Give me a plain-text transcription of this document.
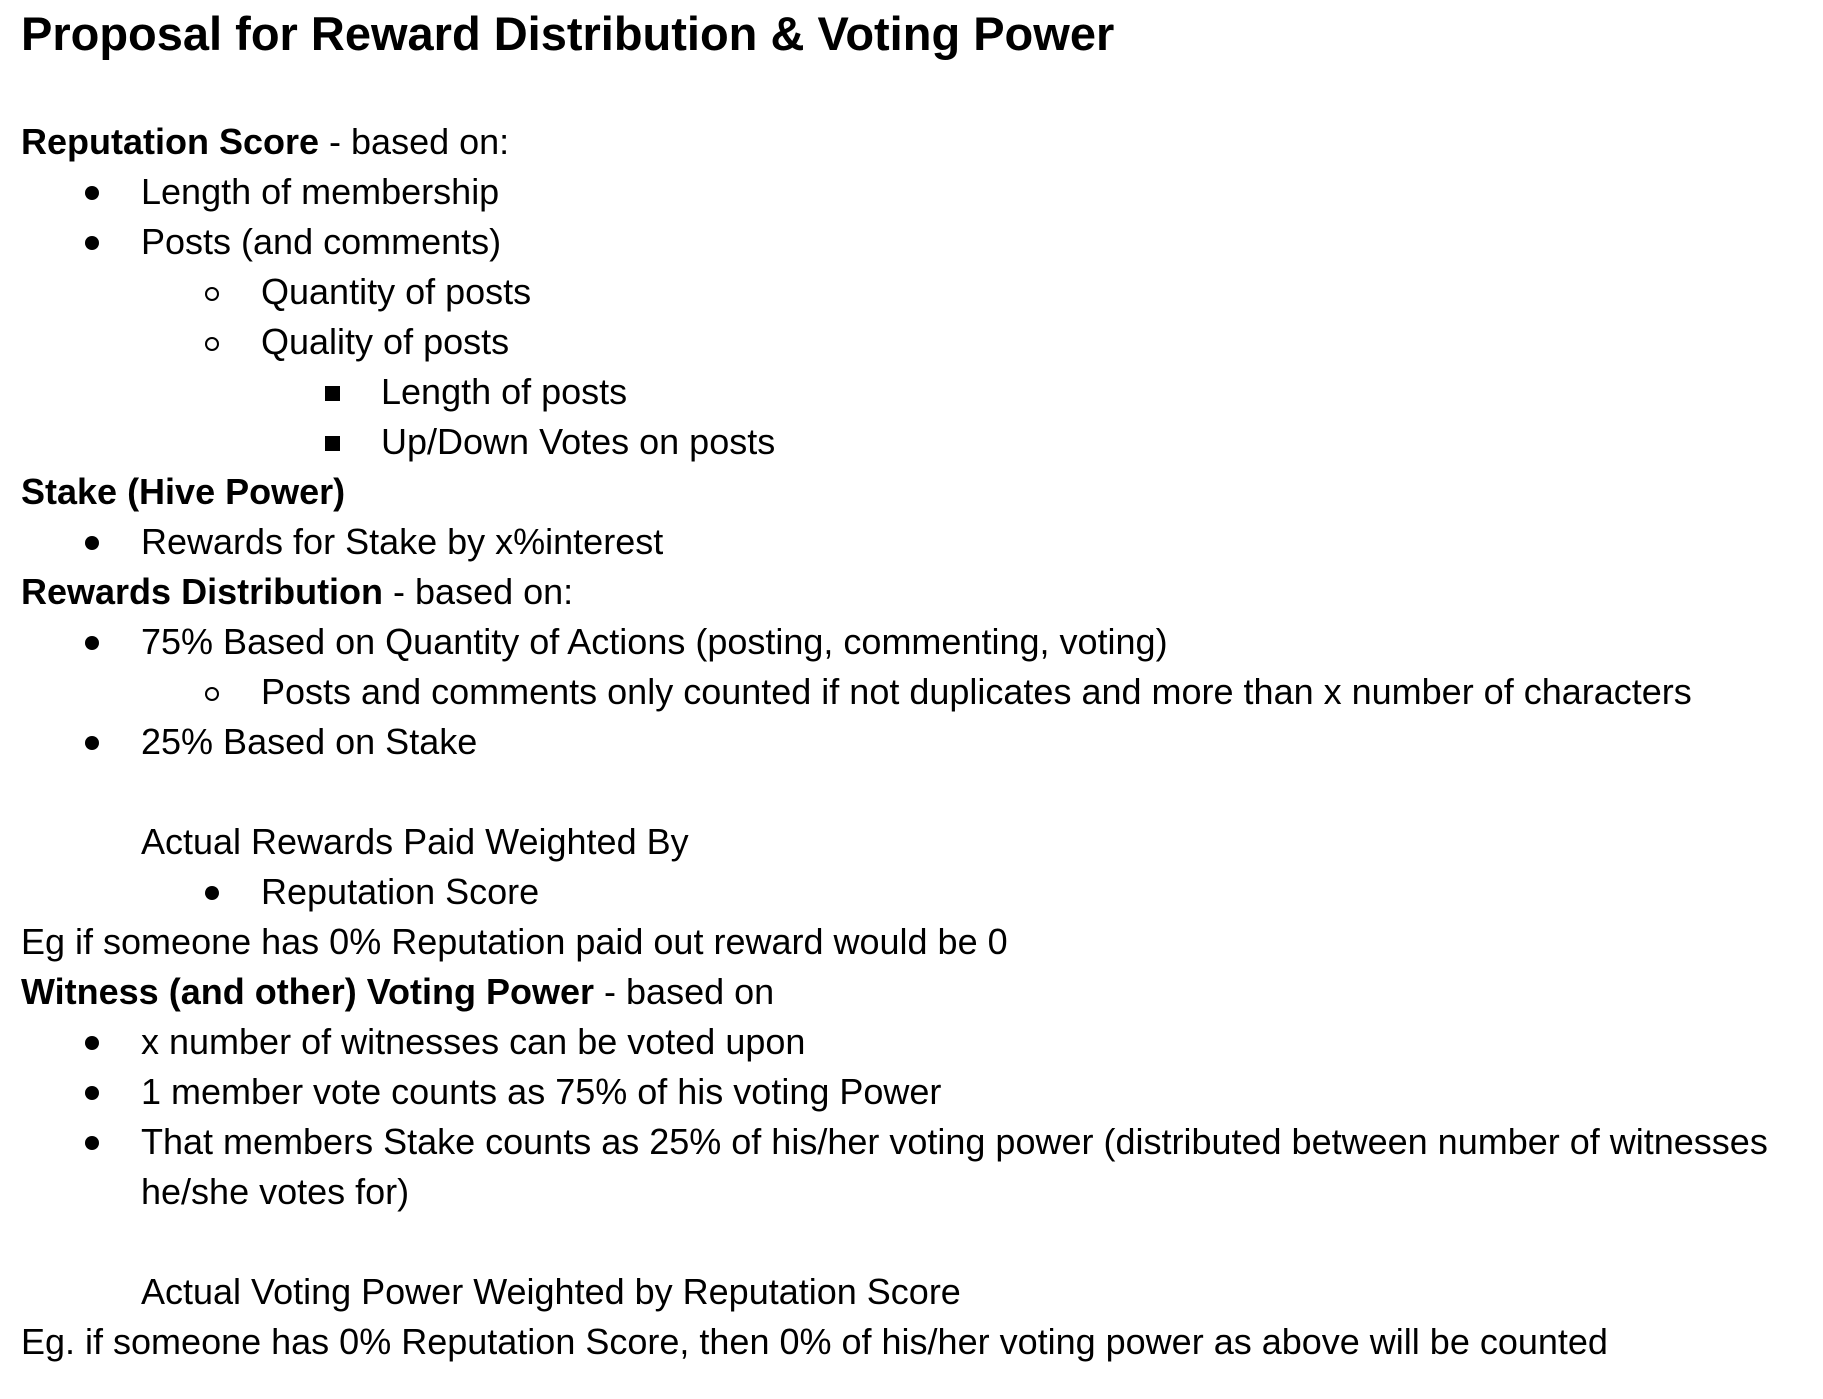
Proposal for Reward Distribution & Voting Power
Reputation Score - based on:
Length of membership
Posts (and comments)
Quantity of posts
Quality of posts
Length of posts
Up/Down Votes on posts
Stake (Hive Power)
Rewards for Stake by x%interest
Rewards Distribution - based on:
75% Based on Quantity of Actions (posting, commenting, voting)
Posts and comments only counted if not duplicates and more than x number of characters
25% Based on Stake
Actual Rewards Paid Weighted By
Reputation Score
Eg if someone has 0% Reputation paid out reward would be 0
Witness (and other) Voting Power - based on
x number of witnesses can be voted upon
1 member vote counts as 75% of his voting Power
That members Stake counts as 25% of his/her voting power (distributed between number of witnesses
he/she votes for)
Actual Voting Power Weighted by Reputation Score
Eg. if someone has 0% Reputation Score, then 0% of his/her voting power as above will be counted
